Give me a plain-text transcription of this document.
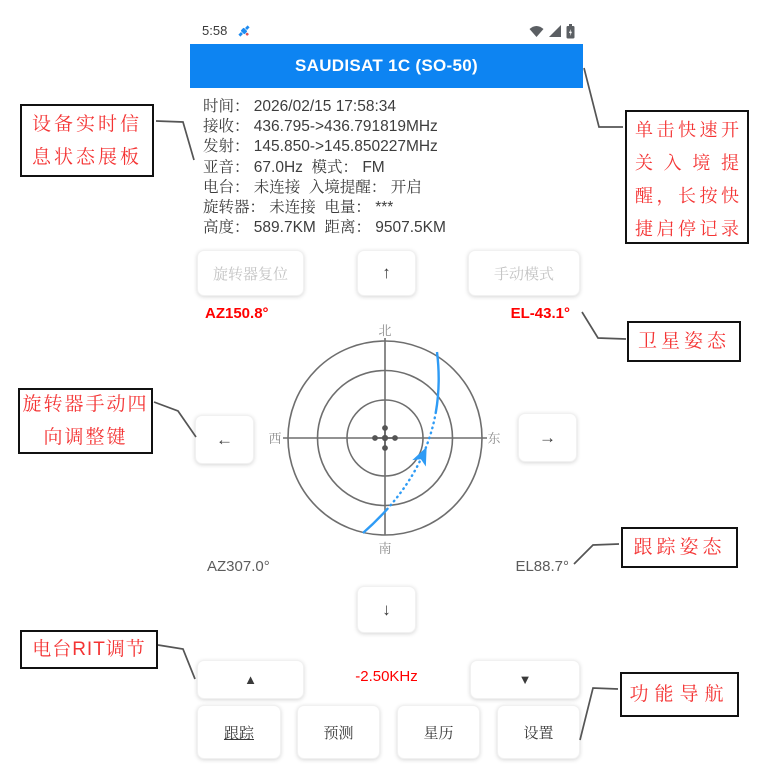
5:58
SAUDISAT 1C (SO-50)
时间： 2026/02/15 17:58:34
接收： 436.795->436.791819MHz
发射： 145.850->145.850227MHz
亚音： 67.0Hz  模式： FM
电台： 未连接  入境提醒： 开启
旋转器： 未连接  电量： ***
高度： 589.7KM  距离： 9507.5KM
旋转器复位	↑	手动模式
AZ150.8°	EL-43.1°
北
南
西	东
←	→
AZ307.0°	EL88.7°
↓
▲	-2.50KHz	▼
跟踪	预测	星历	设置
设备实时信息状态展板
单击快速开关入境提醒，长按快捷启停记录
卫星姿态
旋转器手动四向调整键
跟踪姿态
电台RIT调节
功能导航
